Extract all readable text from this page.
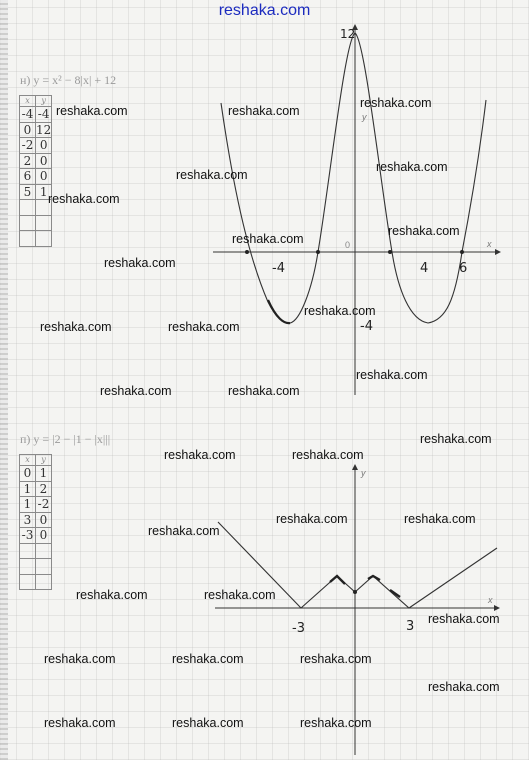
reshaka.com
н) y = x² − 8|x| + 12
x	y
-4	-4
0	12
-2	0
2	0
6	0
5	1

п) y = |2 − |1 − |x|||
x	y
0	1
1	2
1	-2
3	0
-3	0

x
y
12
-4	4 6
0
-4
x
y
-3	3
reshaka.com	reshaka.com
reshaka.com
reshaka.com
reshaka.com
reshaka.com
reshaka.com
reshaka.com
reshaka.com
reshaka.com
reshaka.com	reshaka.com
reshaka.com
reshaka.com	reshaka.com
reshaka.com
reshaka.com	reshaka.com
reshaka.com	reshaka.com
reshaka.com
reshaka.com	reshaka.com
reshaka.com
reshaka.com	reshaka.com	reshaka.com
reshaka.com
reshaka.com	reshaka.com	reshaka.com
